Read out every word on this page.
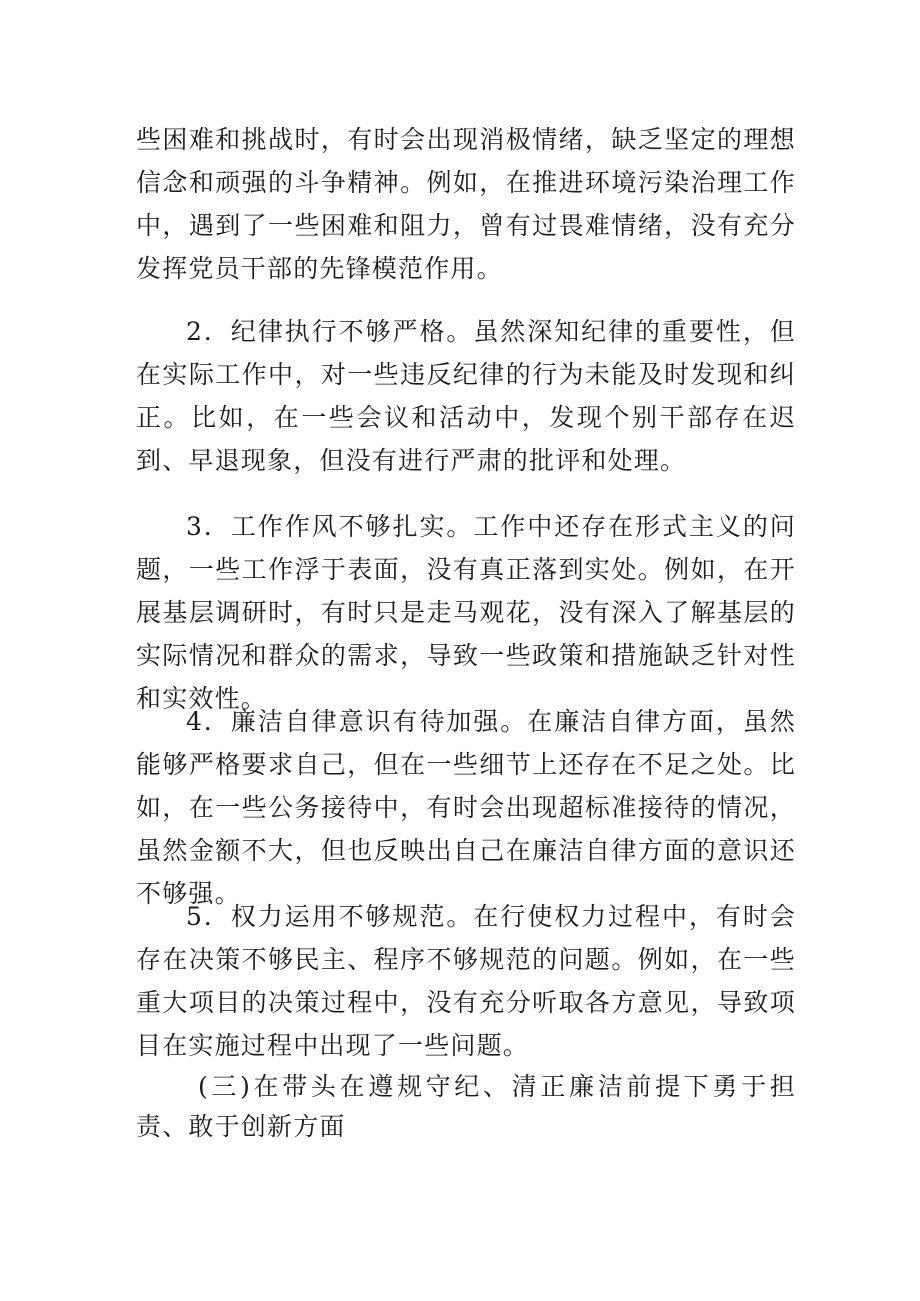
些困难和挑战时，有时会出现消极情绪，缺乏坚定的理想信念和顽强的斗争精神。例如，在推进环境污染治理工作中，遇到了一些困难和阻力，曾有过畏难情绪，没有充分发挥党员干部的先锋模范作用。

2．纪律执行不够严格。虽然深知纪律的重要性，但在实际工作中，对一些违反纪律的行为未能及时发现和纠正。比如，在一些会议和活动中，发现个别干部存在迟到、早退现象，但没有进行严肃的批评和处理。

3．工作作风不够扎实。工作中还存在形式主义的问题，一些工作浮于表面，没有真正落到实处。例如，在开展基层调研时，有时只是走马观花，没有深入了解基层的实际情况和群众的需求，导致一些政策和措施缺乏针对性和实效性。

4．廉洁自律意识有待加强。在廉洁自律方面，虽然能够严格要求自己，但在一些细节上还存在不足之处。比如，在一些公务接待中，有时会出现超标准接待的情况，虽然金额不大，但也反映出自己在廉洁自律方面的意识还不够强。

5．权力运用不够规范。在行使权力过程中，有时会存在决策不够民主、程序不够规范的问题。例如，在一些重大项目的决策过程中，没有充分听取各方意见，导致项目在实施过程中出现了一些问题。

(三)在带头在遵规守纪、清正廉洁前提下勇于担责、敢于创新方面
